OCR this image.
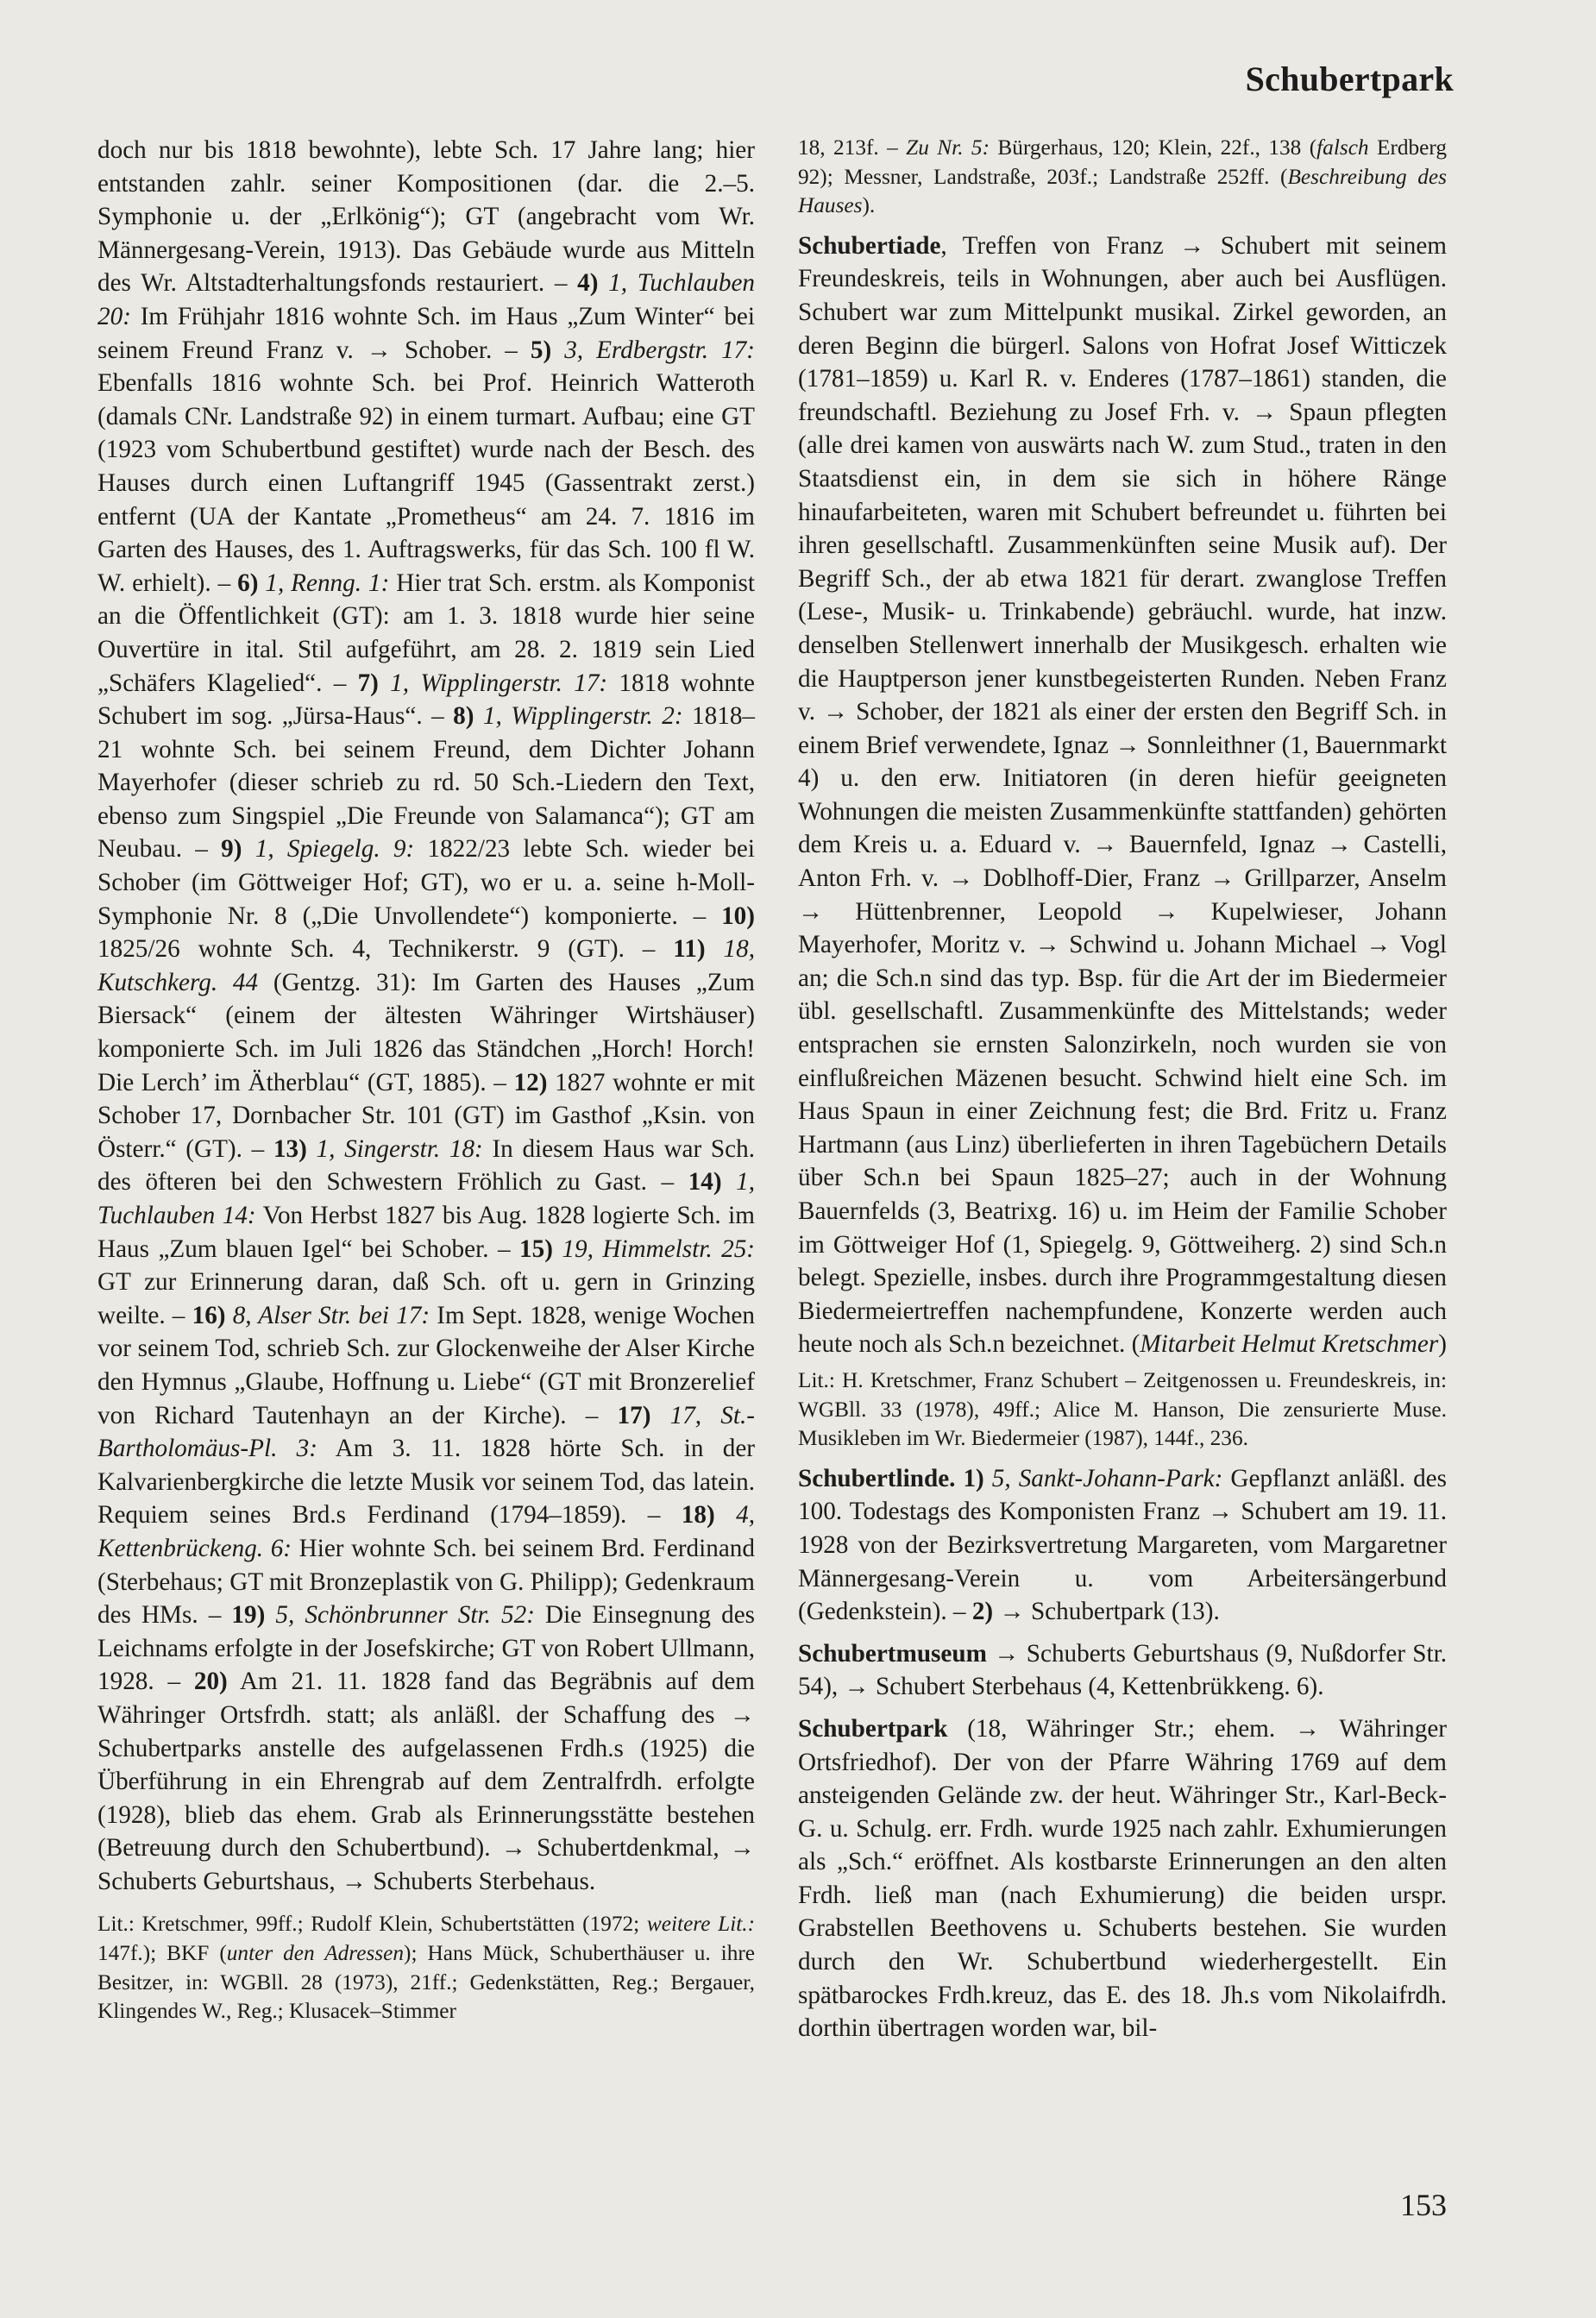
Schubertpark

doch nur bis 1818 bewohnte), lebte Sch. 17 Jahre lang; hier entstanden zahlr. seiner Kompositionen (dar. die 2.–5. Symphonie u. der „Erlkönig“); GT (angebracht vom Wr. Männergesang-Verein, 1913). Das Gebäude wurde aus Mitteln des Wr. Altstadterhaltungsfonds restauriert. – 4) 1, Tuchlauben 20: Im Frühjahr 1816 wohnte Sch. im Haus „Zum Winter“ bei seinem Freund Franz v. → Schober. – 5) 3, Erdbergstr. 17: Ebenfalls 1816 wohnte Sch. bei Prof. Heinrich Watteroth (damals CNr. Landstraße 92) in einem turmart. Aufbau; eine GT (1923 vom Schubertbund gestiftet) wurde nach der Besch. des Hauses durch einen Luftangriff 1945 (Gassentrakt zerst.) entfernt (UA der Kantate „Prometheus“ am 24. 7. 1816 im Garten des Hauses, des 1. Auftragswerks, für das Sch. 100 fl W. W. erhielt). – 6) 1, Renng. 1: Hier trat Sch. erstm. als Komponist an die Öffentlichkeit (GT): am 1. 3. 1818 wurde hier seine Ouvertüre in ital. Stil aufgeführt, am 28. 2. 1819 sein Lied „Schäfers Klagelied“. – 7) 1, Wipplingerstr. 17: 1818 wohnte Schubert im sog. „Jürsa-Haus“. – 8) 1, Wipplingerstr. 2: 1818–21 wohnte Sch. bei seinem Freund, dem Dichter Johann Mayerhofer (dieser schrieb zu rd. 50 Sch.-Liedern den Text, ebenso zum Singspiel „Die Freunde von Salamanca“); GT am Neubau. – 9) 1, Spiegelg. 9: 1822/23 lebte Sch. wieder bei Schober (im Göttweiger Hof; GT), wo er u. a. seine h-Moll-Symphonie Nr. 8 („Die Unvollendete“) komponierte. – 10) 1825/26 wohnte Sch. 4, Technikerstr. 9 (GT). – 11) 18, Kutschkerg. 44 (Gentzg. 31): Im Garten des Hauses „Zum Biersack“ (einem der ältesten Währinger Wirtshäuser) komponierte Sch. im Juli 1826 das Ständchen „Horch! Horch! Die Lerch’ im Ätherblau“ (GT, 1885). – 12) 1827 wohnte er mit Schober 17, Dornbacher Str. 101 (GT) im Gasthof „Ksin. von Österr.“ (GT). – 13) 1, Singerstr. 18: In diesem Haus war Sch. des öfteren bei den Schwestern Fröhlich zu Gast. – 14) 1, Tuchlauben 14: Von Herbst 1827 bis Aug. 1828 logierte Sch. im Haus „Zum blauen Igel“ bei Schober. – 15) 19, Himmelstr. 25: GT zur Erinnerung daran, daß Sch. oft u. gern in Grinzing weilte. – 16) 8, Alser Str. bei 17: Im Sept. 1828, wenige Wochen vor seinem Tod, schrieb Sch. zur Glockenweihe der Alser Kirche den Hymnus „Glaube, Hoffnung u. Liebe“ (GT mit Bronzerelief von Richard Tautenhayn an der Kirche). – 17) 17, St.-Bartholomäus-Pl. 3: Am 3. 11. 1828 hörte Sch. in der Kalvarienbergkirche die letzte Musik vor seinem Tod, das latein. Requiem seines Brd.s Ferdinand (1794–1859). – 18) 4, Kettenbrückeng. 6: Hier wohnte Sch. bei seinem Brd. Ferdinand (Sterbehaus; GT mit Bronzeplastik von G. Philipp); Gedenkraum des HMs. – 19) 5, Schönbrunner Str. 52: Die Einsegnung des Leichnams erfolgte in der Josefskirche; GT von Robert Ullmann, 1928. – 20) Am 21. 11. 1828 fand das Begräbnis auf dem Währinger Ortsfrdh. statt; als anläßl. der Schaffung des → Schubertparks anstelle des aufgelassenen Frdh.s (1925) die Überführung in ein Ehrengrab auf dem Zentralfrdh. erfolgte (1928), blieb das ehem. Grab als Erinnerungsstätte bestehen (Betreuung durch den Schubertbund). → Schubertdenkmal, → Schuberts Geburtshaus, → Schuberts Sterbehaus.

Lit.: Kretschmer, 99ff.; Rudolf Klein, Schubertstätten (1972; weitere Lit.: 147f.); BKF (unter den Adressen); Hans Mück, Schuberthäuser u. ihre Besitzer, in: WGBll. 28 (1973), 21ff.; Gedenkstätten, Reg.; Bergauer, Klingendes W., Reg.; Klusacek–Stimmer

18, 213f. – Zu Nr. 5: Bürgerhaus, 120; Klein, 22f., 138 (falsch Erdberg 92); Messner, Landstraße, 203f.; Landstraße 252ff. (Beschreibung des Hauses).

Schubertiade, Treffen von Franz → Schubert mit seinem Freundeskreis, teils in Wohnungen, aber auch bei Ausflügen. Schubert war zum Mittelpunkt musikal. Zirkel geworden, an deren Beginn die bürgerl. Salons von Hofrat Josef Witticzek (1781–1859) u. Karl R. v. Enderes (1787–1861) standen, die freundschaftl. Beziehung zu Josef Frh. v. → Spaun pflegten (alle drei kamen von auswärts nach W. zum Stud., traten in den Staatsdienst ein, in dem sie sich in höhere Ränge hinaufarbeiteten, waren mit Schubert befreundet u. führten bei ihren gesellschaftl. Zusammenkünften seine Musik auf). Der Begriff Sch., der ab etwa 1821 für derart. zwanglose Treffen (Lese-, Musik- u. Trinkabende) gebräuchl. wurde, hat inzw. denselben Stellenwert innerhalb der Musikgesch. erhalten wie die Hauptperson jener kunstbegeisterten Runden. Neben Franz v. → Schober, der 1821 als einer der ersten den Begriff Sch. in einem Brief verwendete, Ignaz → Sonnleithner (1, Bauernmarkt 4) u. den erw. Initiatoren (in deren hiefür geeigneten Wohnungen die meisten Zusammenkünfte stattfanden) gehörten dem Kreis u. a. Eduard v. → Bauernfeld, Ignaz → Castelli, Anton Frh. v. → Doblhoff-Dier, Franz → Grillparzer, Anselm → Hüttenbrenner, Leopold → Kupelwieser, Johann Mayerhofer, Moritz v. → Schwind u. Johann Michael → Vogl an; die Sch.n sind das typ. Bsp. für die Art der im Biedermeier übl. gesellschaftl. Zusammenkünfte des Mittelstands; weder entsprachen sie ernsten Salonzirkeln, noch wurden sie von einflußreichen Mäzenen besucht. Schwind hielt eine Sch. im Haus Spaun in einer Zeichnung fest; die Brd. Fritz u. Franz Hartmann (aus Linz) überlieferten in ihren Tagebüchern Details über Sch.n bei Spaun 1825–27; auch in der Wohnung Bauernfelds (3, Beatrixg. 16) u. im Heim der Familie Schober im Göttweiger Hof (1, Spiegelg. 9, Göttweiherg. 2) sind Sch.n belegt. Spezielle, insbes. durch ihre Programmgestaltung diesen Biedermeiertreffen nachempfundene, Konzerte werden auch heute noch als Sch.n bezeichnet. (Mitarbeit Helmut Kretschmer)

Lit.: H. Kretschmer, Franz Schubert – Zeitgenossen u. Freundeskreis, in: WGBll. 33 (1978), 49ff.; Alice M. Hanson, Die zensurierte Muse. Musikleben im Wr. Biedermeier (1987), 144f., 236.

Schubertlinde. 1) 5, Sankt-Johann-Park: Gepflanzt anläßl. des 100. Todestags des Komponisten Franz → Schubert am 19. 11. 1928 von der Bezirksvertretung Margareten, vom Margaretner Männergesang-Verein u. vom Arbeitersängerbund (Gedenkstein). – 2) → Schubertpark (13).

Schubertmuseum → Schuberts Geburtshaus (9, Nußdorfer Str. 54), → Schubert Sterbehaus (4, Kettenbrükkeng. 6).

Schubertpark (18, Währinger Str.; ehem. → Währinger Ortsfriedhof). Der von der Pfarre Währing 1769 auf dem ansteigenden Gelände zw. der heut. Währinger Str., Karl-Beck-G. u. Schulg. err. Frdh. wurde 1925 nach zahlr. Exhumierungen als „Sch.“ eröffnet. Als kostbarste Erinnerungen an den alten Frdh. ließ man (nach Exhumierung) die beiden urspr. Grabstellen Beethovens u. Schuberts bestehen. Sie wurden durch den Wr. Schubertbund wiederhergestellt. Ein spätbarockes Frdh.kreuz, das E. des 18. Jh.s vom Nikolaifrdh. dorthin übertragen worden war, bil-

153
